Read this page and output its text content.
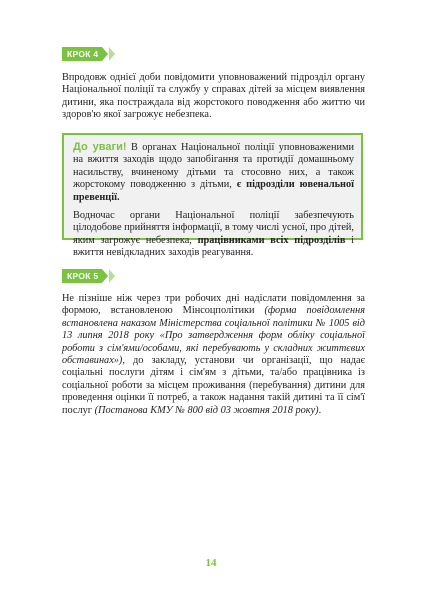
КРОК 4

Впродовж однієї доби повідомити уповноважений підрозділ органу Національної поліції та службу у справах дітей за місцем виявлення дитини, яка постраждала від жорстокого поводження або життю чи здоров'ю якої загрожує небезпека.

До уваги! В органах Національної поліції уповноваженими на вжиття заходів щодо запобігання та протидії домашньому насильству, вчиненому дітьми та стосовно них, а також жорстокому поводженню з дітьми, є підрозділи ювенальної превенції.

Водночас органи Національної поліції забезпечують цілодобове прийняття інформації, в тому числі усної, про дітей, яким загрожує небезпека, працівниками всіх підрозділів і вжиття невідкладних заходів реагування.

КРОК 5

Не пізніше ніж через три робочих дні надіслати повідомлення за формою, встановленою Мінсоцполітики (форма повідомлення встановлена наказом Міністерства соціальної політики № 1005 від 13 липня 2018 року «Про затвердження форм обліку соціальної роботи з сім'ями/особами, які перебувають у складних життєвих обставинах»), до закладу, установи чи організації, що надає соціальні послуги дітям і сім'ям з дітьми, та/або працівника із соціальної роботи за місцем проживання (перебування) дитини для проведення оцінки її потреб, а також надання такій дитині та її сім'ї послуг (Постанова КМУ № 800 від 03 жовтня 2018 року).

14
